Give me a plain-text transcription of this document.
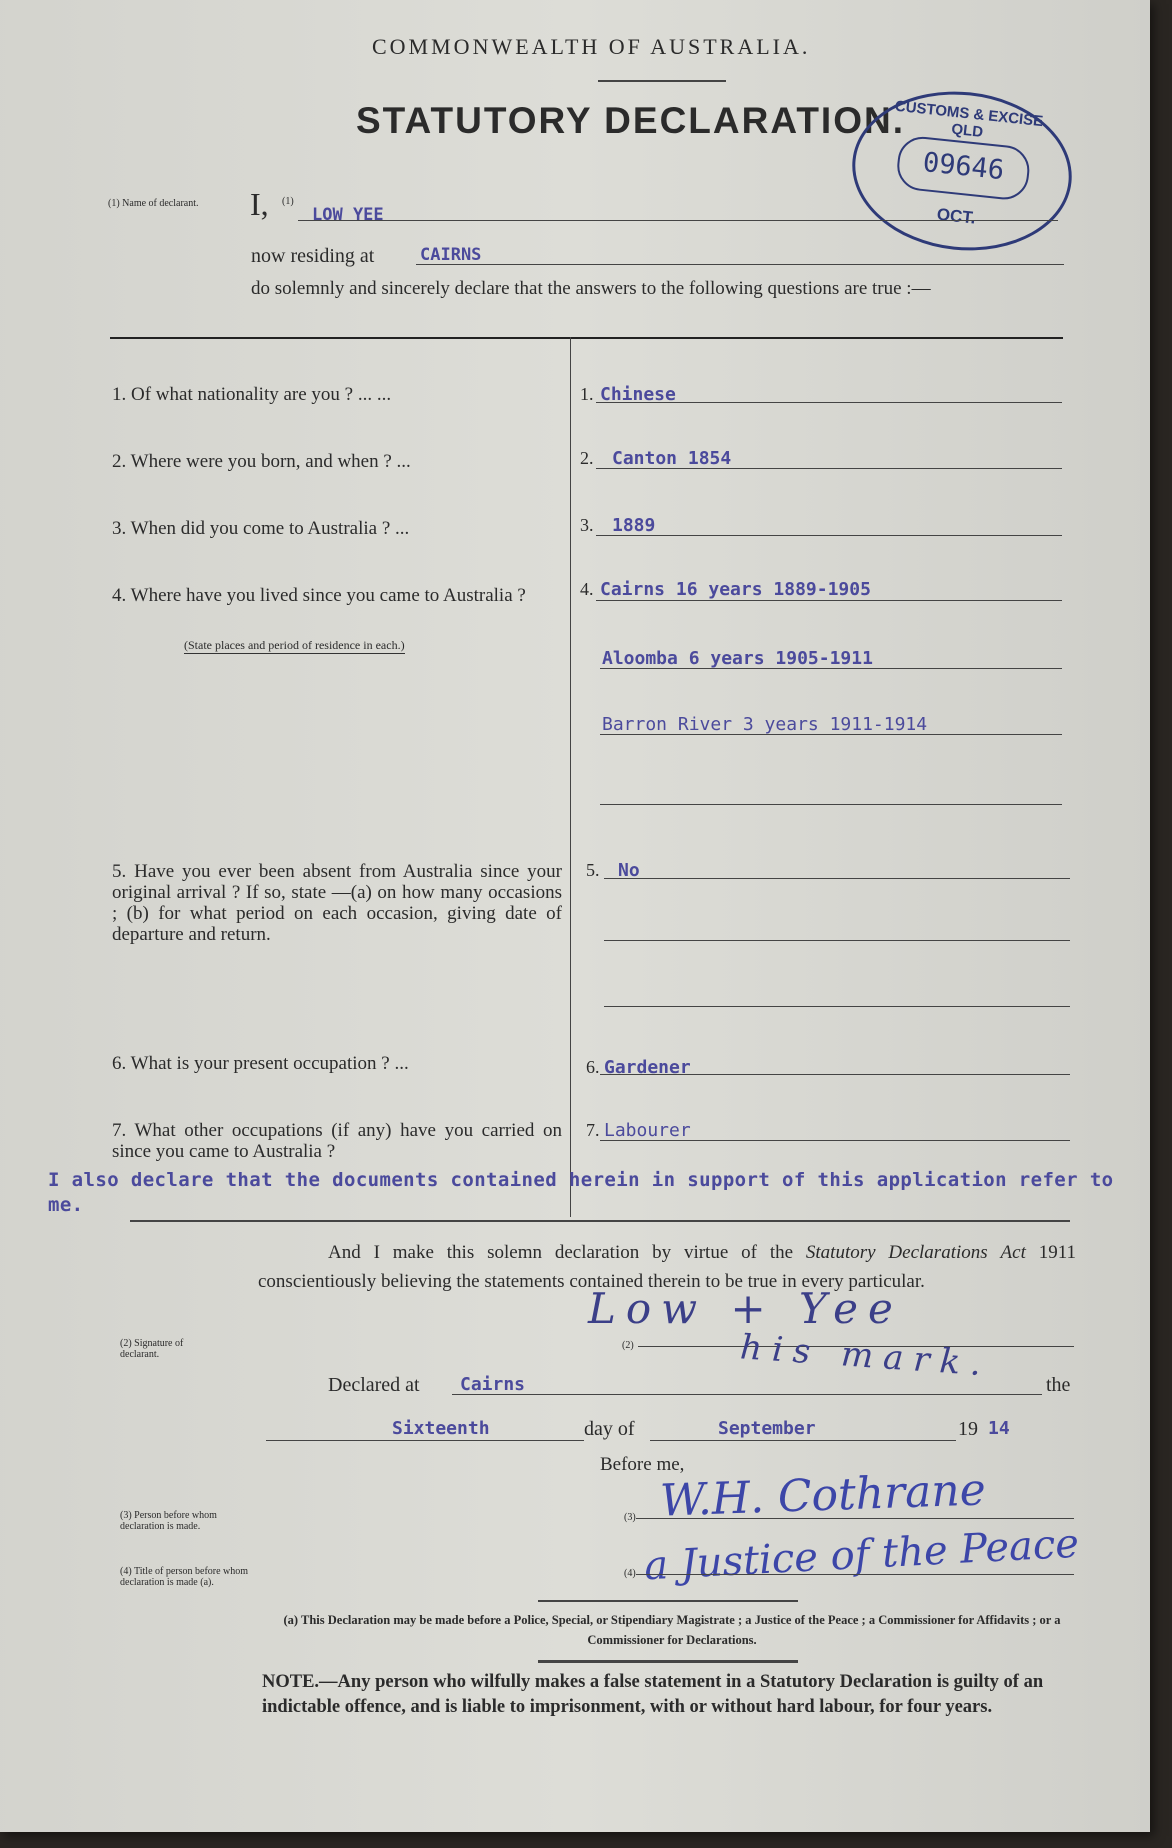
COMMONWEALTH OF AUSTRALIA.
STATUTORY DECLARATION.
CUSTOMS & EXCISE QLD
09646
OCT.
(1) Name of declarant. I, (1)
LOW YEE
now residing at	CAIRNS
do solemnly and sincerely declare that the answers to the following questions are true :—
1. Of what nationality are you ? ... ...	1. Chinese
2. Where were you born, and when ? ...	2. Canton 1854
3. When did you come to Australia ? ...	3. 1889
4. Where have you lived since you came to Australia ?
(State places and period of residence in each.)
4. Cairns 16 years 1889-1905
Aloomba 6 years 1905-1911
Barron River 3 years 1911-1914
5. Have you ever been absent from Australia since your original arrival ? If so, state —(a) on how many occasions ; (b) for what period on each occasion, giving date of departure and return.
5. No
6. What is your present occupation ? ...	6. Gardener
7. What other occupations (if any) have you carried on since you came to Australia ?
7. Labourer
I also declare that the documents contained herein in support of this application refer to me.
And I make this solemn declaration by virtue of the Statutory Declarations Act 1911 conscientiously believing the statements contained therein to be true in every particular.
(2) Signature of declarant.
(2)
Low + Yee
his mark.
Declared at Cairns	the
Sixteenth	day of	September	19 14
Before me,
(3) Person before whom declaration is made.
(3) W.H. Cothrane
(4) Title of person before whom declaration is made (a).
(4) a Justice of the Peace
(a) This Declaration may be made before a Police, Special, or Stipendiary Magistrate ; a Justice of the Peace ; a Commissioner for Affidavits ; or a Commissioner for Declarations.
NOTE.—Any person who wilfully makes a false statement in a Statutory Declaration is guilty of an indictable offence, and is liable to imprisonment, with or without hard labour, for four years.
